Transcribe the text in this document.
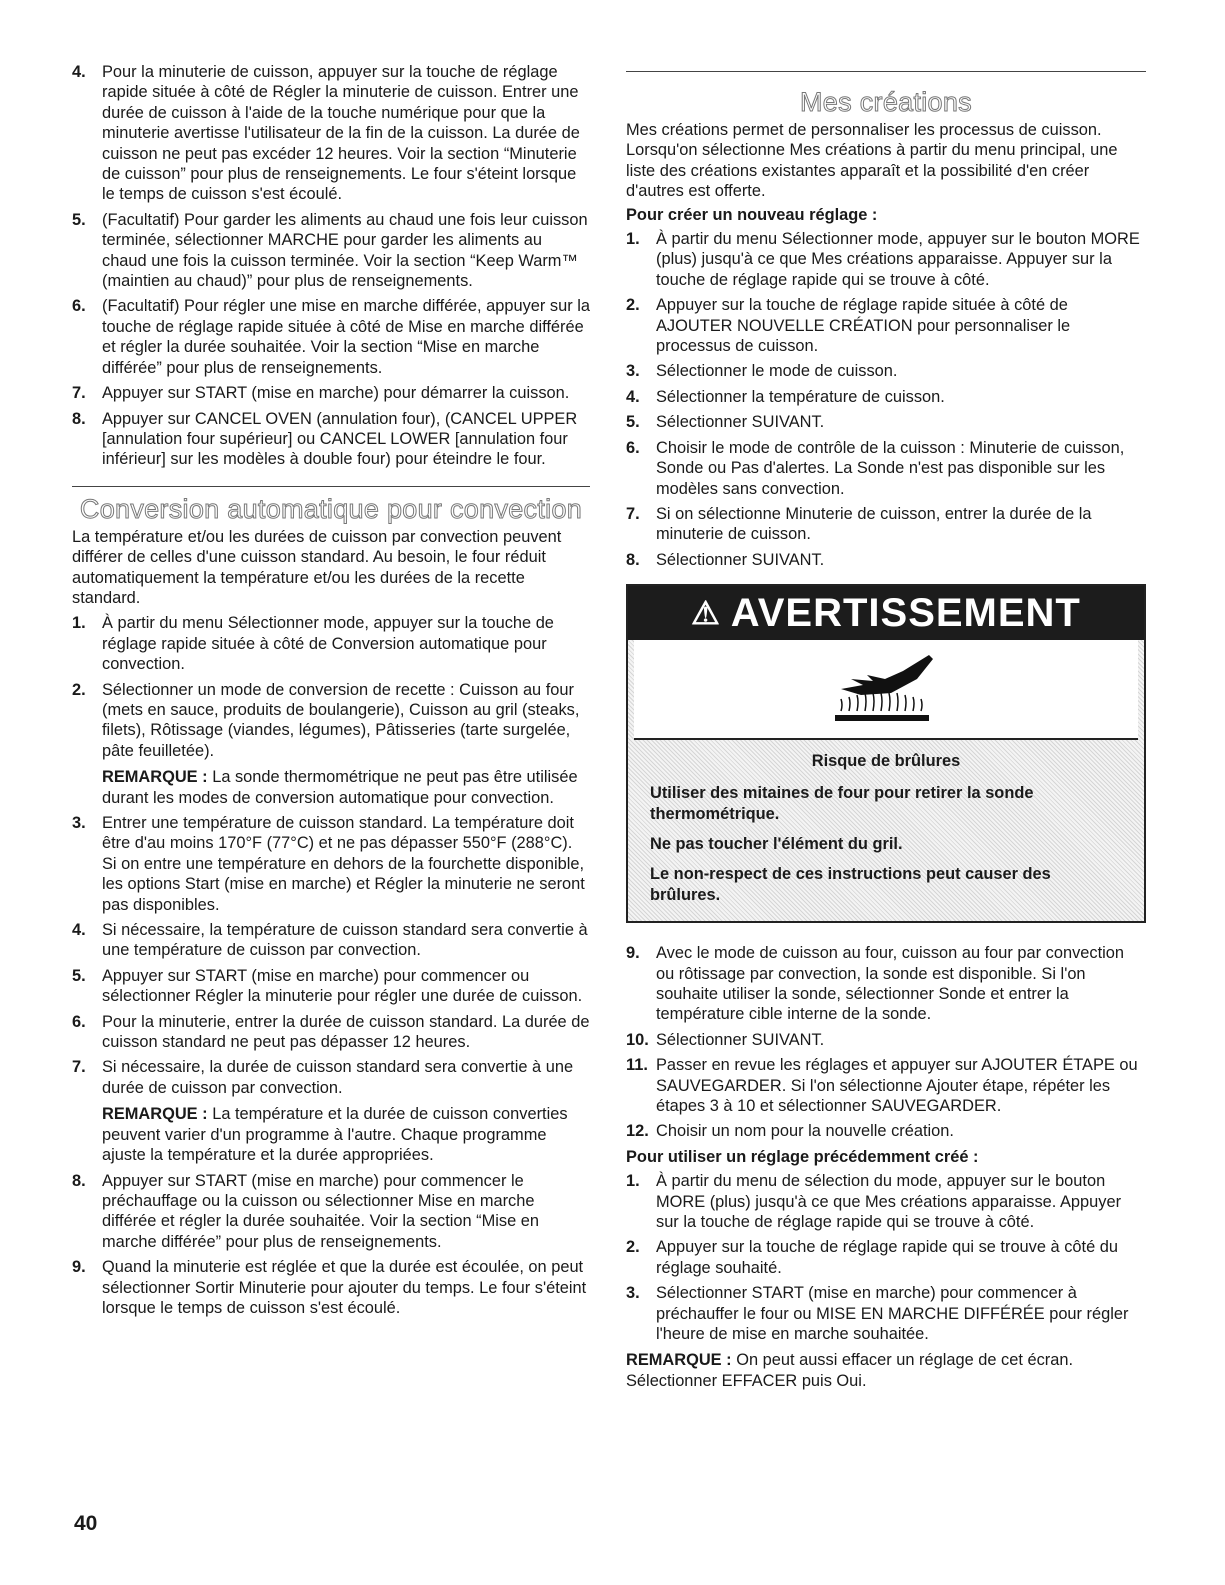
4. Pour la minuterie de cuisson, appuyer sur la touche de réglage rapide située à côté de Régler la minuterie de cuisson. Entrer une durée de cuisson à l'aide de la touche numérique pour que la minuterie avertisse l'utilisateur de la fin de la cuisson. La durée de cuisson ne peut pas excéder 12 heures. Voir la section “Minuterie de cuisson” pour plus de renseignements. Le four s'éteint lorsque le temps de cuisson s'est écoulé.
5. (Facultatif) Pour garder les aliments au chaud une fois leur cuisson terminée, sélectionner MARCHE pour garder les aliments au chaud une fois la cuisson terminée. Voir la section “Keep Warm™ (maintien au chaud)” pour plus de renseignements.
6. (Facultatif) Pour régler une mise en marche différée, appuyer sur la touche de réglage rapide située à côté de Mise en marche différée et régler la durée souhaitée. Voir la section “Mise en marche différée” pour plus de renseignements.
7. Appuyer sur START (mise en marche) pour démarrer la cuisson.
8. Appuyer sur CANCEL OVEN (annulation four), (CANCEL UPPER [annulation four supérieur] ou CANCEL LOWER [annulation four inférieur] sur les modèles à double four) pour éteindre le four.
Conversion automatique pour convection

La température et/ou les durées de cuisson par convection peuvent différer de celles d'une cuisson standard. Au besoin, le four réduit automatiquement la température et/ou les durées de la recette standard.

1. À partir du menu Sélectionner mode, appuyer sur la touche de réglage rapide située à côté de Conversion automatique pour convection.
2. Sélectionner un mode de conversion de recette : Cuisson au four (mets en sauce, produits de boulangerie), Cuisson au gril (steaks, filets), Rôtissage (viandes, légumes), Pâtisseries (tarte surgelée, pâte feuilletée).

REMARQUE : La sonde thermométrique ne peut pas être utilisée durant les modes de conversion automatique pour convection.

3. Entrer une température de cuisson standard. La température doit être d'au moins 170°F (77°C) et ne pas dépasser 550°F (288°C). Si on entre une température en dehors de la fourchette disponible, les options Start (mise en marche) et Régler la minuterie ne seront pas disponibles.
4. Si nécessaire, la température de cuisson standard sera convertie à une température de cuisson par convection.
5. Appuyer sur START (mise en marche) pour commencer ou sélectionner Régler la minuterie pour régler une durée de cuisson.
6. Pour la minuterie, entrer la durée de cuisson standard. La durée de cuisson standard ne peut pas dépasser 12 heures.
7. Si nécessaire, la durée de cuisson standard sera convertie à une durée de cuisson par convection.

REMARQUE : La température et la durée de cuisson converties peuvent varier d'un programme à l'autre. Chaque programme ajuste la température et la durée appropriées.

8. Appuyer sur START (mise en marche) pour commencer le préchauffage ou la cuisson ou sélectionner Mise en marche différée et régler la durée souhaitée. Voir la section “Mise en marche différée” pour plus de renseignements.
9. Quand la minuterie est réglée et que la durée est écoulée, on peut sélectionner Sortir Minuterie pour ajouter du temps. Le four s'éteint lorsque le temps de cuisson s'est écoulé.
Mes créations

Mes créations permet de personnaliser les processus de cuisson. Lorsqu'on sélectionne Mes créations à partir du menu principal, une liste des créations existantes apparaît et la possibilité d'en créer d'autres est offerte.

Pour créer un nouveau réglage :

1. À partir du menu Sélectionner mode, appuyer sur le bouton MORE (plus) jusqu'à ce que Mes créations apparaisse. Appuyer sur la touche de réglage rapide qui se trouve à côté.
2. Appuyer sur la touche de réglage rapide située à côté de AJOUTER NOUVELLE CRÉATION pour personnaliser le processus de cuisson.
3. Sélectionner le mode de cuisson.
4. Sélectionner la température de cuisson.
5. Sélectionner SUIVANT.
6. Choisir le mode de contrôle de la cuisson : Minuterie de cuisson, Sonde ou Pas d'alertes. La Sonde n'est pas disponible sur les modèles sans convection.
7. Si on sélectionne Minuterie de cuisson, entrer la durée de la minuterie de cuisson.
8. Sélectionner SUIVANT.
⚠ AVERTISSEMENT
Risque de brûlures

Utiliser des mitaines de four pour retirer la sonde thermométrique.

Ne pas toucher l'élément du gril.

Le non-respect de ces instructions peut causer des brûlures.

9. Avec le mode de cuisson au four, cuisson au four par convection ou rôtissage par convection, la sonde est disponible. Si l'on souhaite utiliser la sonde, sélectionner Sonde et entrer la température cible interne de la sonde.
10. Sélectionner SUIVANT.
11. Passer en revue les réglages et appuyer sur AJOUTER ÉTAPE ou SAUVEGARDER. Si l'on sélectionne Ajouter étape, répéter les étapes 3 à 10 et sélectionner SAUVEGARDER.
12. Choisir un nom pour la nouvelle création.

Pour utiliser un réglage précédemment créé :

1. À partir du menu de sélection du mode, appuyer sur le bouton MORE (plus) jusqu'à ce que Mes créations apparaisse. Appuyer sur la touche de réglage rapide qui se trouve à côté.
2. Appuyer sur la touche de réglage rapide qui se trouve à côté du réglage souhaité.
3. Sélectionner START (mise en marche) pour commencer à préchauffer le four ou MISE EN MARCHE DIFFÉRÉE pour régler l'heure de mise en marche souhaitée.

REMARQUE : On peut aussi effacer un réglage de cet écran. Sélectionner EFFACER puis Oui.

40
